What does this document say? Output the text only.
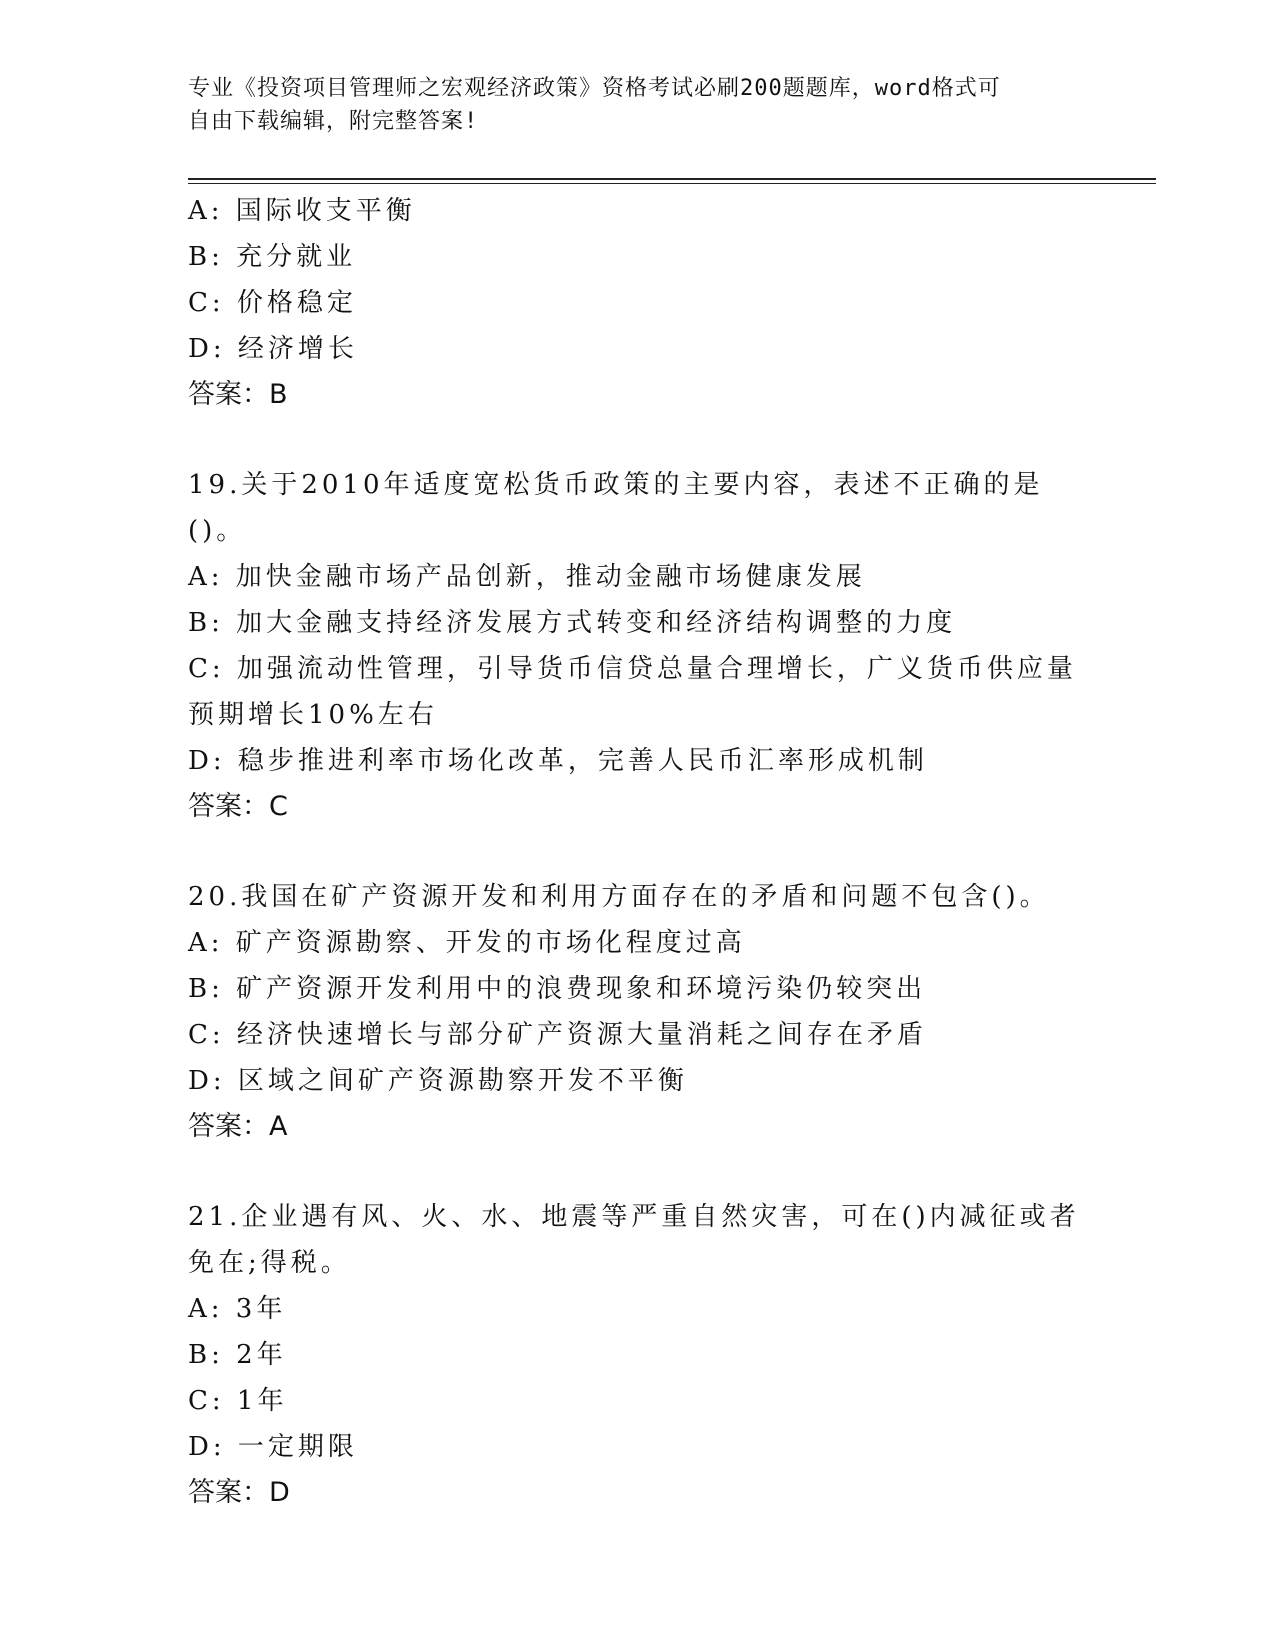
专业《投资项目管理师之宏观经济政策》资格考试必刷200题题库，word格式可
自由下载编辑，附完整答案!

A: 国际收支平衡

B: 充分就业

C: 价格稳定

D: 经济增长

答案：B

19.关于2010年适度宽松货币政策的主要内容，表述不正确的是()。

A: 加快金融市场产品创新，推动金融市场健康发展

B: 加大金融支持经济发展方式转变和经济结构调整的力度

C: 加强流动性管理，引导货币信贷总量合理增长，广义货币供应量预期增长10%左右

D: 稳步推进利率市场化改革，完善人民币汇率形成机制

答案：C

20.我国在矿产资源开发和利用方面存在的矛盾和问题不包含()。

A: 矿产资源勘察、开发的市场化程度过高

B: 矿产资源开发利用中的浪费现象和环境污染仍较突出

C: 经济快速增长与部分矿产资源大量消耗之间存在矛盾

D: 区域之间矿产资源勘察开发不平衡

答案：A

21.企业遇有风、火、水、地震等严重自然灾害，可在()内减征或者免在;得税。

A: 3年

B: 2年

C: 1年

D: 一定期限

答案：D
